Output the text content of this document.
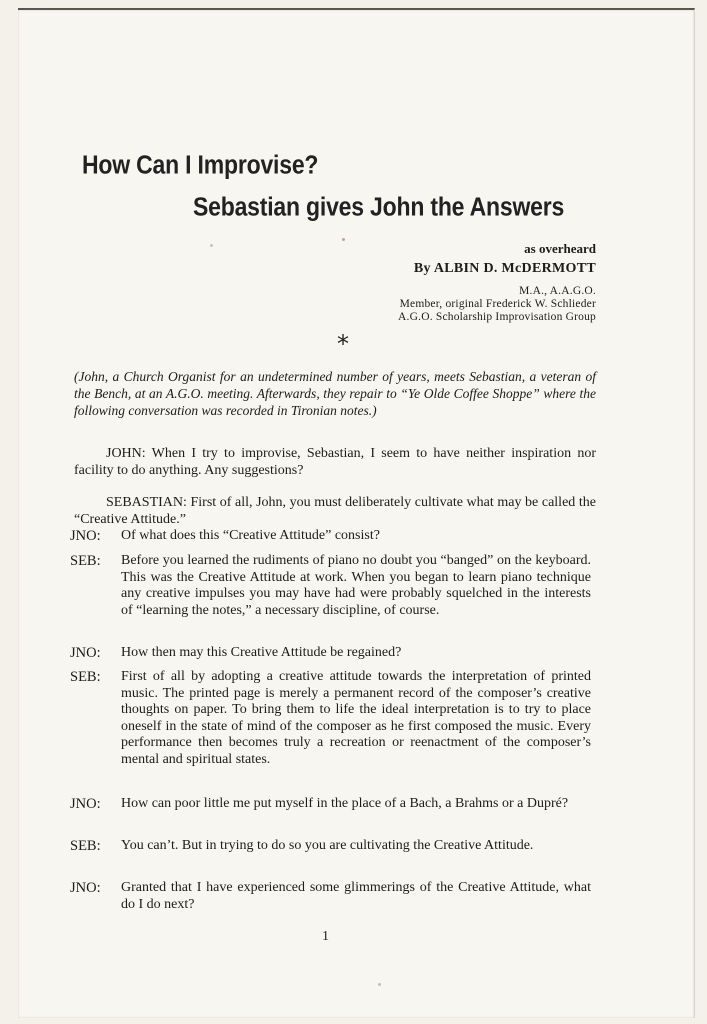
How Can I Improvise?
Sebastian gives John the Answers
as overheard
By ALBIN D. McDERMOTT
M.A., A.A.G.O.
Member, original Frederick W. Schlieder
A.G.O. Scholarship Improvisation Group
*
(John, a Church Organist for an undetermined number of years, meets Sebastian, a veteran of the Bench, at an A.G.O. meeting. Afterwards, they repair to “Ye Olde Coffee Shoppe” where the following conversation was recorded in Tironian notes.)
JOHN: When I try to improvise, Sebastian, I seem to have neither inspiration nor facility to do anything. Any suggestions?
SEBASTIAN: First of all, John, you must deliberately cultivate what may be called the “Creative Attitude.”
JNO: Of what does this “Creative Attitude” consist?
SEB: Before you learned the rudiments of piano no doubt you “banged” on the keyboard. This was the Creative Attitude at work. When you began to learn piano technique any creative impulses you may have had were probably squelched in the interests of “learning the notes,” a necessary discipline, of course.
JNO: How then may this Creative Attitude be regained?
SEB: First of all by adopting a creative attitude towards the interpretation of printed music. The printed page is merely a permanent record of the composer’s creative thoughts on paper. To bring them to life the ideal interpretation is to try to place oneself in the state of mind of the composer as he first composed the music. Every performance then becomes truly a recreation or reenactment of the composer’s mental and spiritual states.
JNO: How can poor little me put myself in the place of a Bach, a Brahms or a Dupré?
SEB: You can’t. But in trying to do so you are cultivating the Creative Attitude.
JNO: Granted that I have experienced some glimmerings of the Creative Attitude, what do I do next?
1
